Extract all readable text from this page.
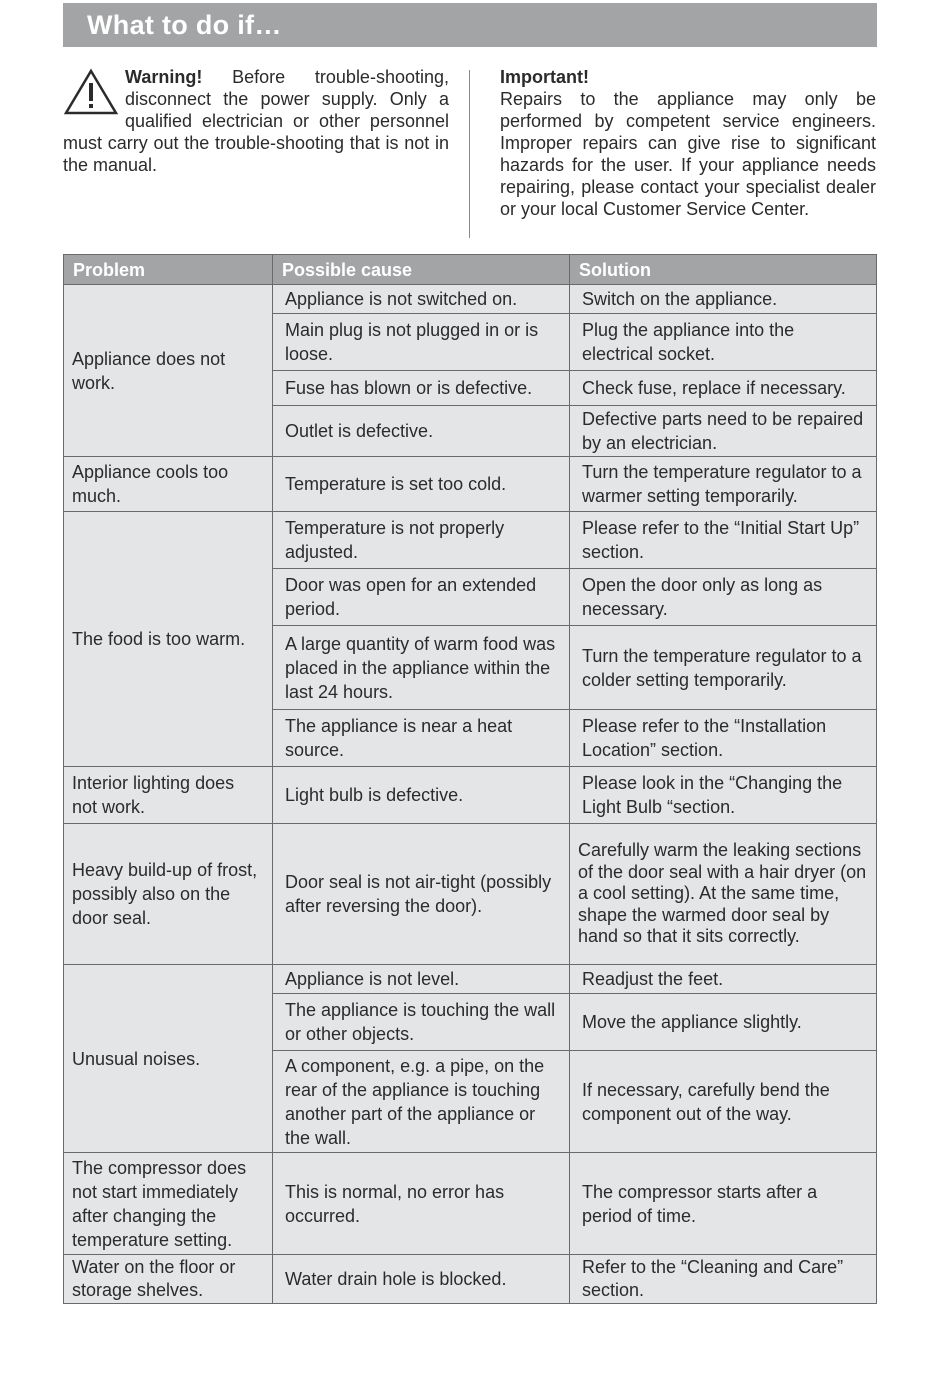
What to do if…
Warning! Before trouble-shooting, disconnect the power supply. Only a qualified electrician or other personnel must carry out the trouble-shooting that is not in the manual.
Important!
Repairs to the appliance may only be performed by competent service engineers. Improper repairs can give rise to significant hazards for the user. If your appliance needs repairing, please contact your specialist dealer or your local Customer Service Center.
Problem	Possible cause	Solution
Appliance does not work.	Appliance is not switched on.	Switch on the appliance.
	Main plug is not plugged in or is loose.	Plug the appliance into the electrical socket.
	Fuse has blown or is defective.	Check fuse, replace if necessary.
	Outlet is defective.	Defective parts need to be repaired by an electrician.
Appliance cools too much.	Temperature is set too cold.	Turn the temperature regulator to a warmer setting temporarily.
The food is too warm.	Temperature is not properly adjusted.	Please refer to the “Initial Start Up” section.
	Door was open for an extended period.	Open the door only as long as necessary.
	A large quantity of warm food was placed in the appliance within the last 24 hours.	Turn the temperature regulator to a colder setting temporarily.
	The appliance is near a heat source.	Please refer to the “Installation Location” section.
Interior lighting does not work.	Light bulb is defective.	Please look in the “Changing the Light Bulb “section.
Heavy build-up of frost, possibly also on the door seal.	Door seal is not air-tight (possibly after reversing the door).	Carefully warm the leaking sections of the door seal with a hair dryer (on a cool setting). At the same time, shape the warmed door seal by hand so that it sits correctly.
Unusual noises.	Appliance is not level.	Readjust the feet.
	The appliance is touching the wall or other objects.	Move the appliance slightly.
	A component, e.g. a pipe, on the rear of the appliance is touching another part of the appliance or the wall.	If necessary, carefully bend the component out of the way.
The compressor does not start immediately after changing the temperature setting.	This is normal, no error has occurred.	The compressor starts after a period of time.
Water on the floor or storage shelves.	Water drain hole is blocked.	Refer to the “Cleaning and Care” section.
